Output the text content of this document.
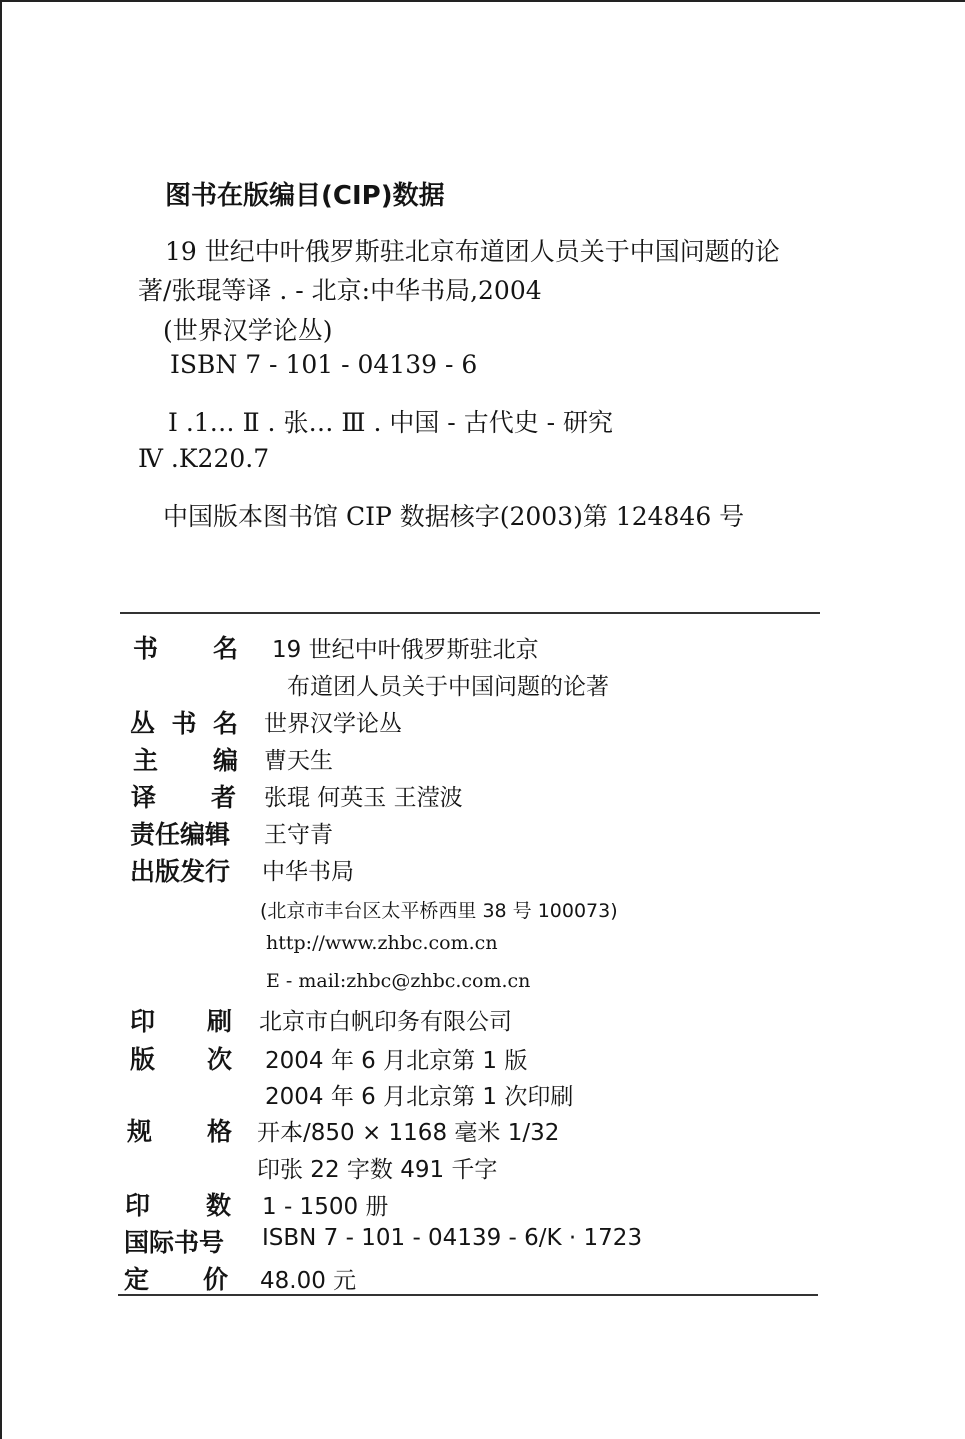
图书在版编目(CIP)数据
19 世纪中叶俄罗斯驻北京布道团人员关于中国问题的论
著/张琨等译 . - 北京:中华书局,2004
(世界汉学论丛)
ISBN 7 - 101 - 04139 - 6
Ⅰ .1… Ⅱ . 张… Ⅲ . 中国 - 古代史 - 研究
Ⅳ .K220.7
中国版本图书馆 CIP 数据核字(2003)第 124846 号
书 名 19 世纪中叶俄罗斯驻北京
布道团人员关于中国问题的论著
丛 书 名 世界汉学论丛
主 编 曹天生
译 者 张琨 何英玉 王滢波
责任编辑 王守青
出版发行 中华书局
(北京市丰台区太平桥西里 38 号 100073)
http://www.zhbc.com.cn
E - mail:zhbc@zhbc.com.cn
印 刷 北京市白帆印务有限公司
版 次 2004 年 6 月北京第 1 版
2004 年 6 月北京第 1 次印刷
规 格 开本/850 × 1168 毫米 1/32
印张 22 字数 491 千字
印 数 1 - 1500 册
国际书号 ISBN 7 - 101 - 04139 - 6/K · 1723
定 价 48.00 元
